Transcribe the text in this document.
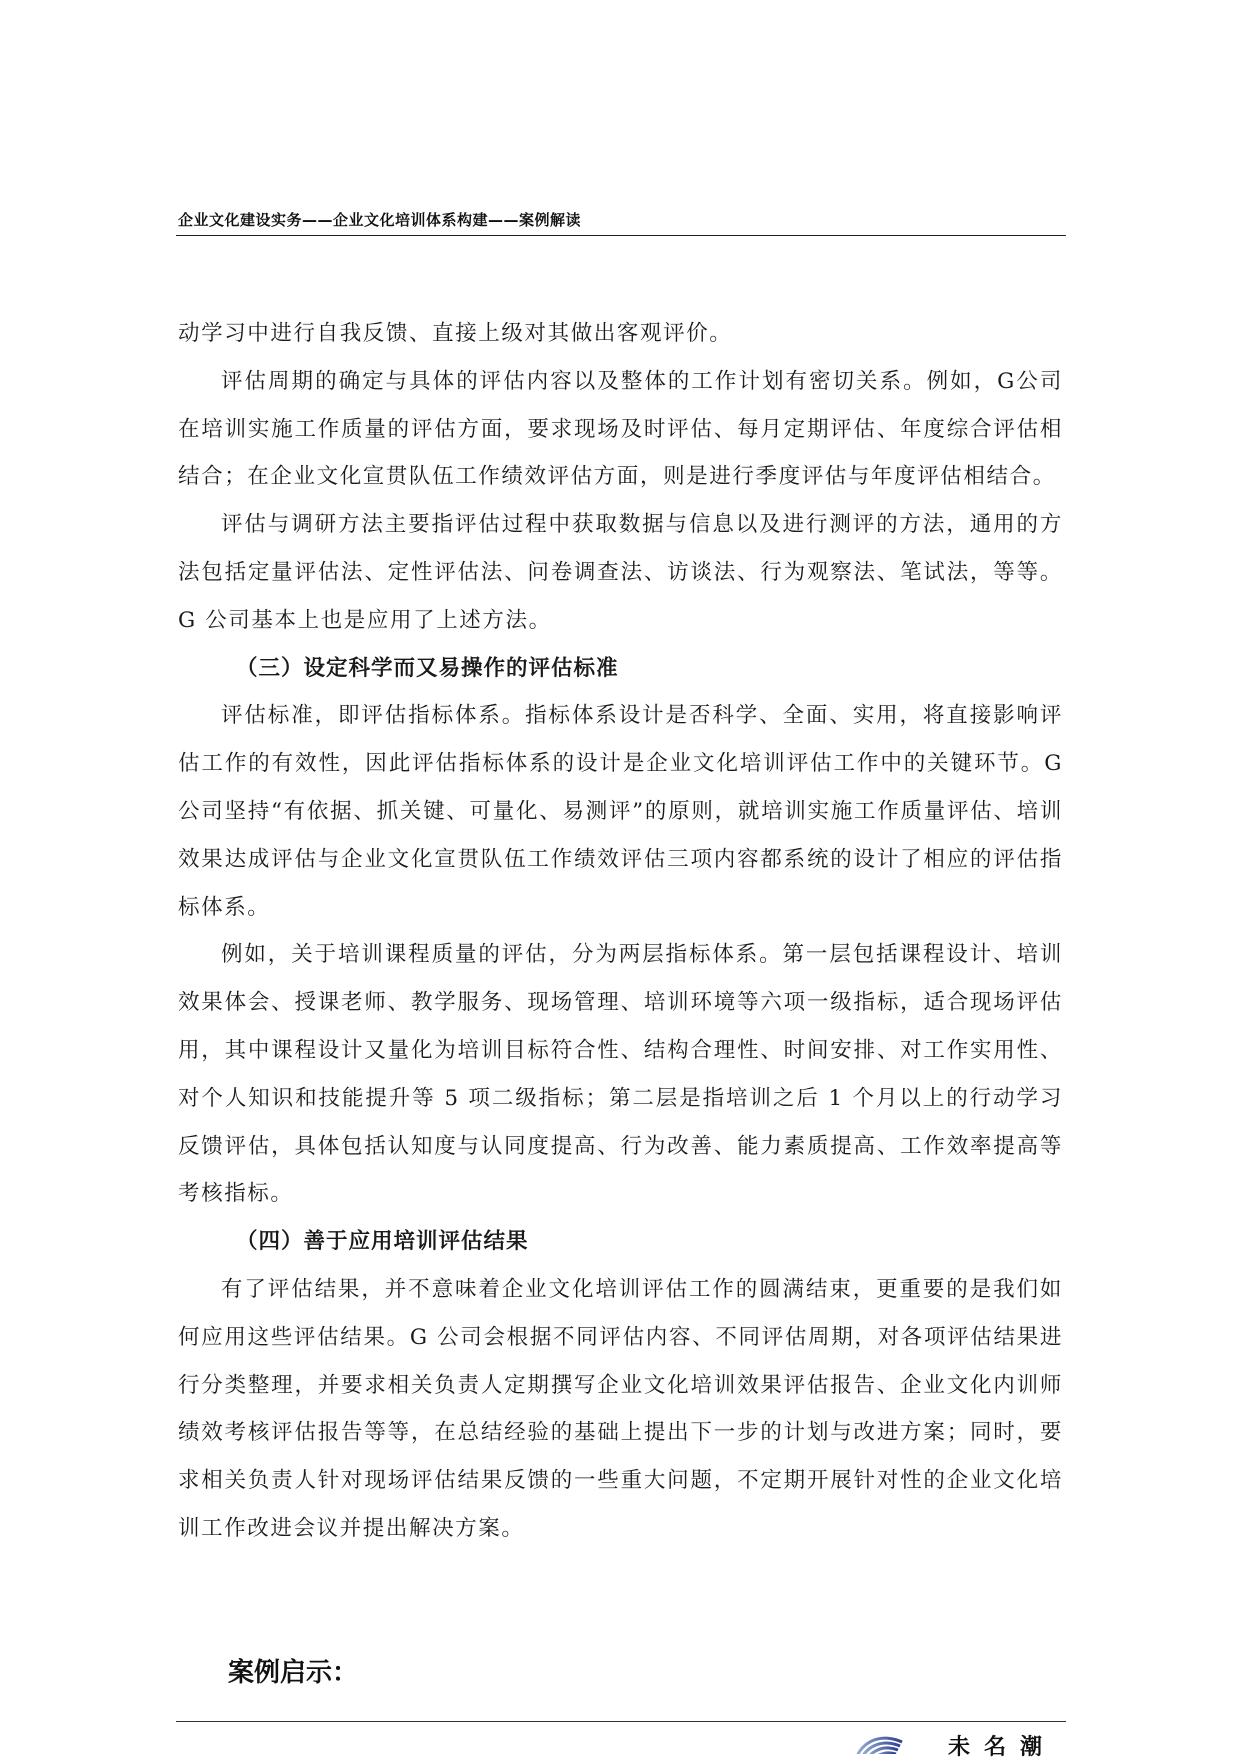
企业文化建设实务——企业文化培训体系构建——案例解读

动学习中进行自我反馈、直接上级对其做出客观评价。

评估周期的确定与具体的评估内容以及整体的工作计划有密切关系。例如，G公司在培训实施工作质量的评估方面，要求现场及时评估、每月定期评估、年度综合评估相结合；在企业文化宣贯队伍工作绩效评估方面，则是进行季度评估与年度评估相结合。

评估与调研方法主要指评估过程中获取数据与信息以及进行测评的方法，通用的方法包括定量评估法、定性评估法、问卷调查法、访谈法、行为观察法、笔试法，等等。G 公司基本上也是应用了上述方法。

（三）设定科学而又易操作的评估标准

评估标准，即评估指标体系。指标体系设计是否科学、全面、实用，将直接影响评估工作的有效性，因此评估指标体系的设计是企业文化培训评估工作中的关键环节。G 公司坚持“有依据、抓关键、可量化、易测评”的原则，就培训实施工作质量评估、培训效果达成评估与企业文化宣贯队伍工作绩效评估三项内容都系统的设计了相应的评估指标体系。

例如，关于培训课程质量的评估，分为两层指标体系。第一层包括课程设计、培训效果体会、授课老师、教学服务、现场管理、培训环境等六项一级指标，适合现场评估用，其中课程设计又量化为培训目标符合性、结构合理性、时间安排、对工作实用性、对个人知识和技能提升等 5 项二级指标；第二层是指培训之后 1 个月以上的行动学习反馈评估，具体包括认知度与认同度提高、行为改善、能力素质提高、工作效率提高等考核指标。

（四）善于应用培训评估结果

有了评估结果，并不意味着企业文化培训评估工作的圆满结束，更重要的是我们如何应用这些评估结果。G 公司会根据不同评估内容、不同评估周期，对各项评估结果进行分类整理，并要求相关负责人定期撰写企业文化培训效果评估报告、企业文化内训师绩效考核评估报告等等，在总结经验的基础上提出下一步的计划与改进方案；同时，要求相关负责人针对现场评估结果反馈的一些重大问题，不定期开展针对性的企业文化培训工作改进会议并提出解决方案。

案例启示：
未名潮
